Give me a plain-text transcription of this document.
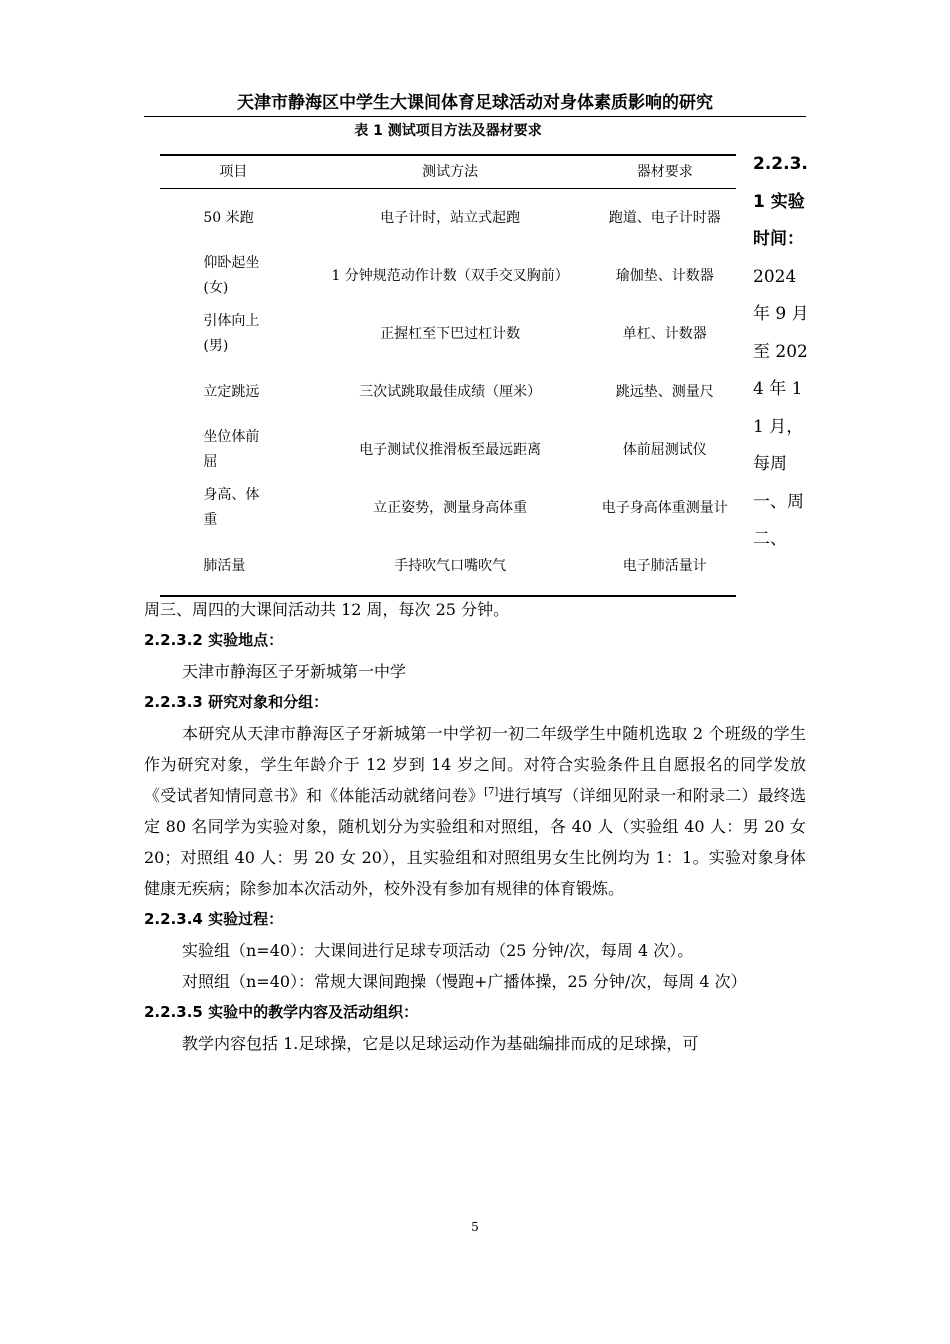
天津市静海区中学生大课间体育足球活动对身体素质影响的研究
表 1 测试项目方法及器材要求
项目	测试方法	器材要求
50 米跑	电子计时，站立式起跑	跑道、电子计时器
仰卧起坐(女)	1 分钟规范动作计数（双手交叉胸前）	瑜伽垫、计数器
引体向上(男)	正握杠至下巴过杠计数	单杠、计数器
立定跳远	三次试跳取最佳成绩（厘米）	跳远垫、测量尺
坐位体前屈	电子测试仪推滑板至最远距离	体前屈测试仪
身高、体重	立正姿势，测量身高体重	电子身高体重测量计
肺活量	手持吹气口嘴吹气	电子肺活量计
2.2.3.1 实验时间：2024 年 9 月至 2024 年 11 月，每周一、周二、

周三、周四的大课间活动共 12 周，每次 25 分钟。

2.2.3.2 实验地点：

天津市静海区子牙新城第一中学

2.2.3.3 研究对象和分组：

本研究从天津市静海区子牙新城第一中学初一初二年级学生中随机选取 2 个班级的学生作为研究对象，学生年龄介于 12 岁到 14 岁之间。对符合实验条件且自愿报名的同学发放《受试者知情同意书》和《体能活动就绪问卷》[7]进行填写（详细见附录一和附录二）最终选定 80 名同学为实验对象，随机划分为实验组和对照组，各 40 人（实验组 40 人：男 20 女 20；对照组 40 人：男 20 女 20），且实验组和对照组男女生比例均为 1：1。实验对象身体健康无疾病；除参加本次活动外，校外没有参加有规律的体育锻炼。

2.2.3.4 实验过程：

实验组（n=40）：大课间进行足球专项活动（25 分钟/次，每周 4 次）。

对照组（n=40）：常规大课间跑操（慢跑+广播体操，25 分钟/次，每周 4 次）

2.2.3.5 实验中的教学内容及活动组织：

教学内容包括 1.足球操，它是以足球运动作为基础编排而成的足球操，可

5
